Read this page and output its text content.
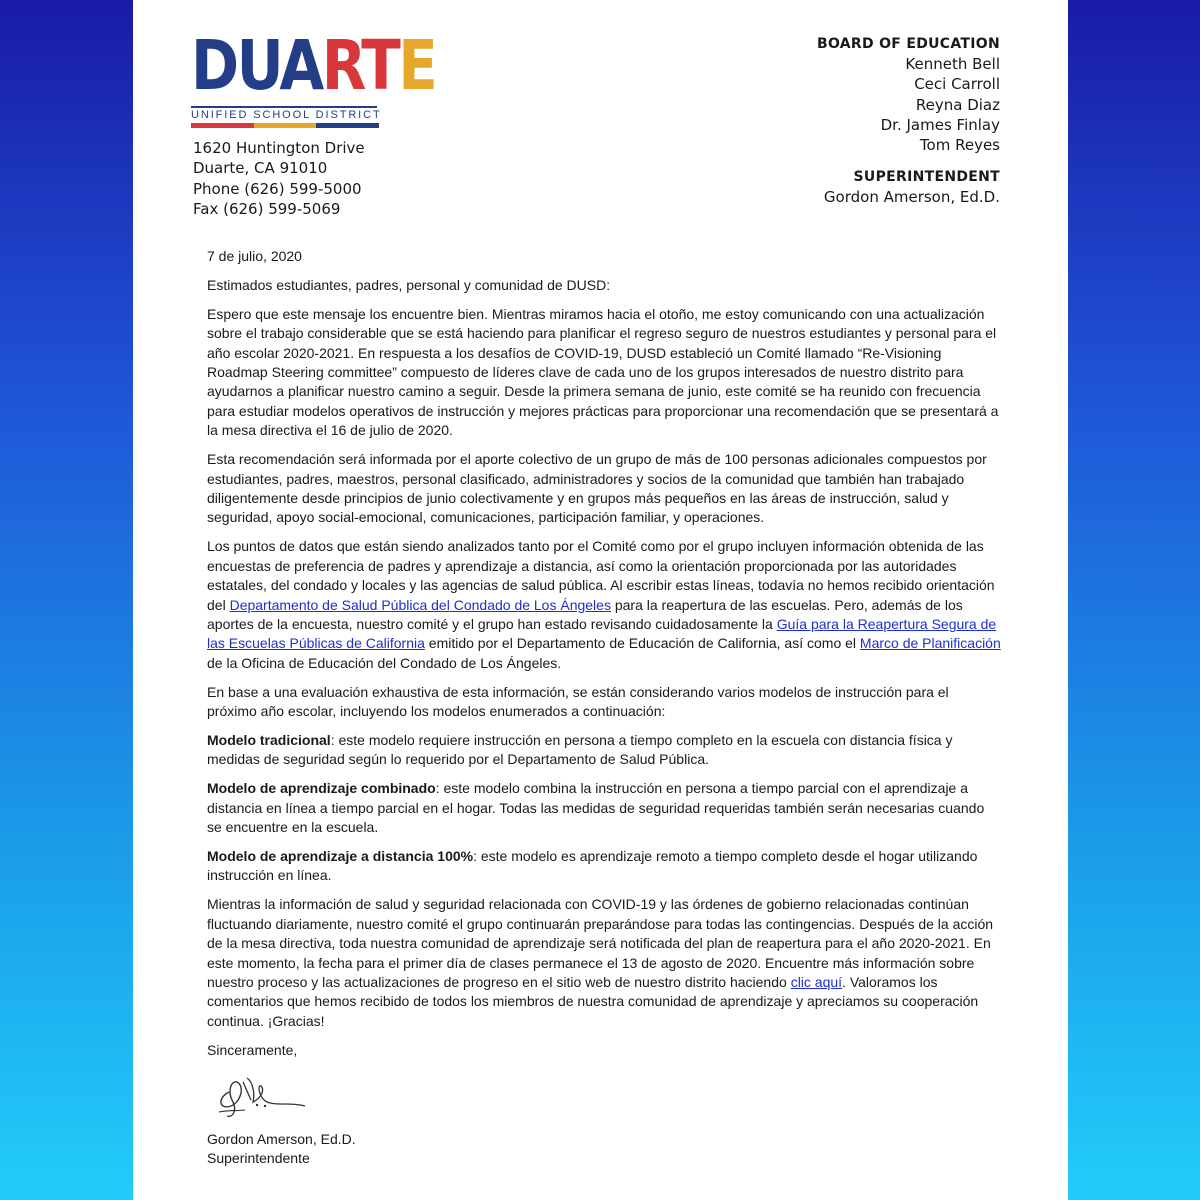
DUARTE
UNIFIED SCHOOL DISTRICT
1620 Huntington Drive
Duarte, CA 91010
Phone (626) 599-5000
Fax (626) 599-5069
BOARD OF EDUCATION
Kenneth Bell
Ceci Carroll
Reyna Diaz
Dr. James Finlay
Tom Reyes
SUPERINTENDENT
Gordon Amerson, Ed.D.

7 de julio, 2020

Estimados estudiantes, padres, personal y comunidad de DUSD:

Espero que este mensaje los encuentre bien. Mientras miramos hacia el otoño, me estoy comunicando con una actualización sobre el trabajo considerable que se está haciendo para planificar el regreso seguro de nuestros estudiantes y personal para el año escolar 2020-2021. En respuesta a los desafíos de COVID-19, DUSD estableció un Comité llamado “Re-Visioning Roadmap Steering committee” compuesto de líderes clave de cada uno de los grupos interesados de nuestro distrito para ayudarnos a planificar nuestro camino a seguir. Desde la primera semana de junio, este comité se ha reunido con frecuencia para estudiar modelos operativos de instrucción y mejores prácticas para proporcionar una recomendación que se presentará a la mesa directiva el 16 de julio de 2020.

Esta recomendación será informada por el aporte colectivo de un grupo de más de 100 personas adicionales compuestos por estudiantes, padres, maestros, personal clasificado, administradores y socios de la comunidad que también han trabajado diligentemente desde principios de junio colectivamente y en grupos más pequeños en las áreas de instrucción, salud y seguridad, apoyo social-emocional, comunicaciones, participación familiar, y operaciones.

Los puntos de datos que están siendo analizados tanto por el Comité como por el grupo incluyen información obtenida de las encuestas de preferencia de padres y aprendizaje a distancia, así como la orientación proporcionada por las autoridades estatales, del condado y locales y las agencias de salud pública. Al escribir estas líneas, todavía no hemos recibido orientación del Departamento de Salud Pública del Condado de Los Ángeles para la reapertura de las escuelas. Pero, además de los aportes de la encuesta, nuestro comité y el grupo han estado revisando cuidadosamente la Guía para la Reapertura Segura de las Escuelas Públicas de California emitido por el Departamento de Educación de California, así como el Marco de Planificación de la Oficina de Educación del Condado de Los Ángeles.

En base a una evaluación exhaustiva de esta información, se están considerando varios modelos de instrucción para el próximo año escolar, incluyendo los modelos enumerados a continuación:

Modelo tradicional: este modelo requiere instrucción en persona a tiempo completo en la escuela con distancia física y medidas de seguridad según lo requerido por el Departamento de Salud Pública.

Modelo de aprendizaje combinado: este modelo combina la instrucción en persona a tiempo parcial con el aprendizaje a distancia en línea a tiempo parcial en el hogar. Todas las medidas de seguridad requeridas también serán necesarias cuando se encuentre en la escuela.

Modelo de aprendizaje a distancia 100%: este modelo es aprendizaje remoto a tiempo completo desde el hogar utilizando instrucción en línea.

Mientras la información de salud y seguridad relacionada con COVID-19 y las órdenes de gobierno relacionadas continúan fluctuando diariamente, nuestro comité el grupo continuarán preparándose para todas las contingencias. Después de la acción de la mesa directiva, toda nuestra comunidad de aprendizaje será notificada del plan de reapertura para el año 2020-2021. En este momento, la fecha para el primer día de clases permanece el 13 de agosto de 2020. Encuentre más información sobre nuestro proceso y las actualizaciones de progreso en el sitio web de nuestro distrito haciendo clic aquí. Valoramos los comentarios que hemos recibido de todos los miembros de nuestra comunidad de aprendizaje y apreciamos su cooperación continua. ¡Gracias!

Sinceramente,

Gordon Amerson, Ed.D.

Superintendente
